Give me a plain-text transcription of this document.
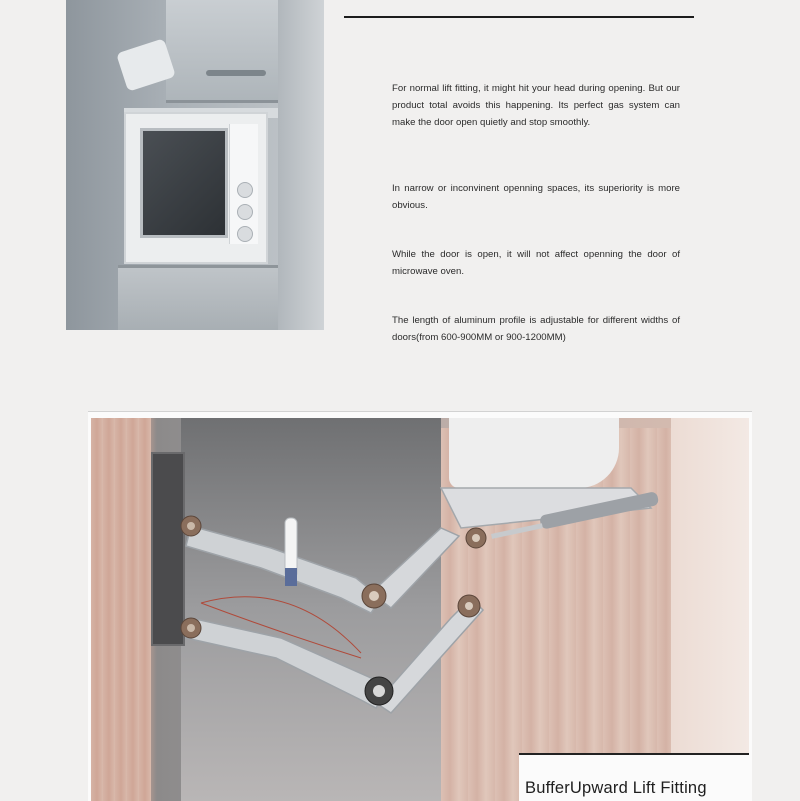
For normal lift fitting, it might hit your head during opening. But our product total avoids this happening. Its perfect gas system can make the door open quietly and stop smoothly.

In narrow or inconvinent openning spaces, its superiority is more obvious.

While the door is open, it will not affect openning the door of microwave oven.

The length of aluminum profile is adjustable for different widths of doors(from 600-900MM or 900-1200MM)

BufferUpward Lift Fitting
